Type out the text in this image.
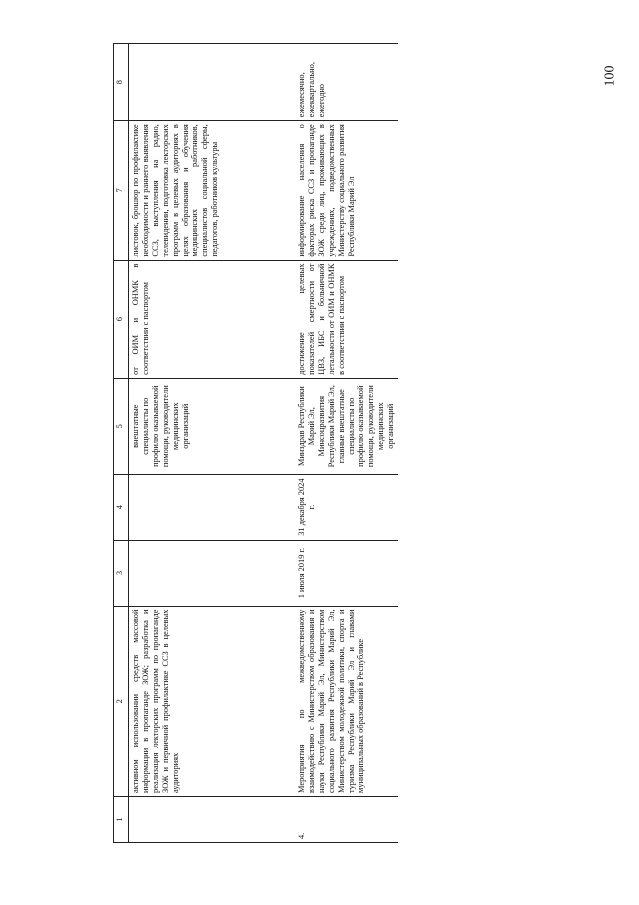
100
1	2	3	4	5	6	7	8
	активном использовании средств массовой информации в пропаганде ЗОЖ; разработка и реализация лекторских программ по пропаганде ЗОЖ и первичной профилактике СС3 в целевых аудиториях			внештатные специалисты по профилю оказываемой помощи, руководители медицинских организаций	от ОИМ и ОНМК в соответствии с паспортом	листовок, брошюр по профилактике необходимости и раннего выявления ССЗ, выступления на радио, телевидении, подготовка лекторских программ в целевых аудиториях в целях образования и обучения медицинских работников, специалистов социальной сферы, педагогов, работников культуры	
4.	Мероприятия по межведомственному взаимодействию с Министерством образования и науки Республики Марий Эл, Министерством социального развития Республики Марий Эл, Министерством молодежной политики, спорта и туризма Республики Марий Эл и главами муниципальных образований в Республике	1 июля 2019 г.	31 декабря 2024 г.	Минздрав Республики Марий Эл, Минсоцразвития Республики Марий Эл, главные внештатные специалисты по профилю оказываемой помощи, руководители медицинских организаций	достижение целевых показателей смертности от ЦВЗ, ИБС и больничной летальности от ОИМ и ОНМК в соответствии с паспортом	информирование населения о факторах риска ССЗ и пропаганде ЗОЖ среди лиц, проживающих в учреждениях, подведомственных Министерству социального развития Республики Марий Эл	ежемесячно, ежеквартально, ежегодно
